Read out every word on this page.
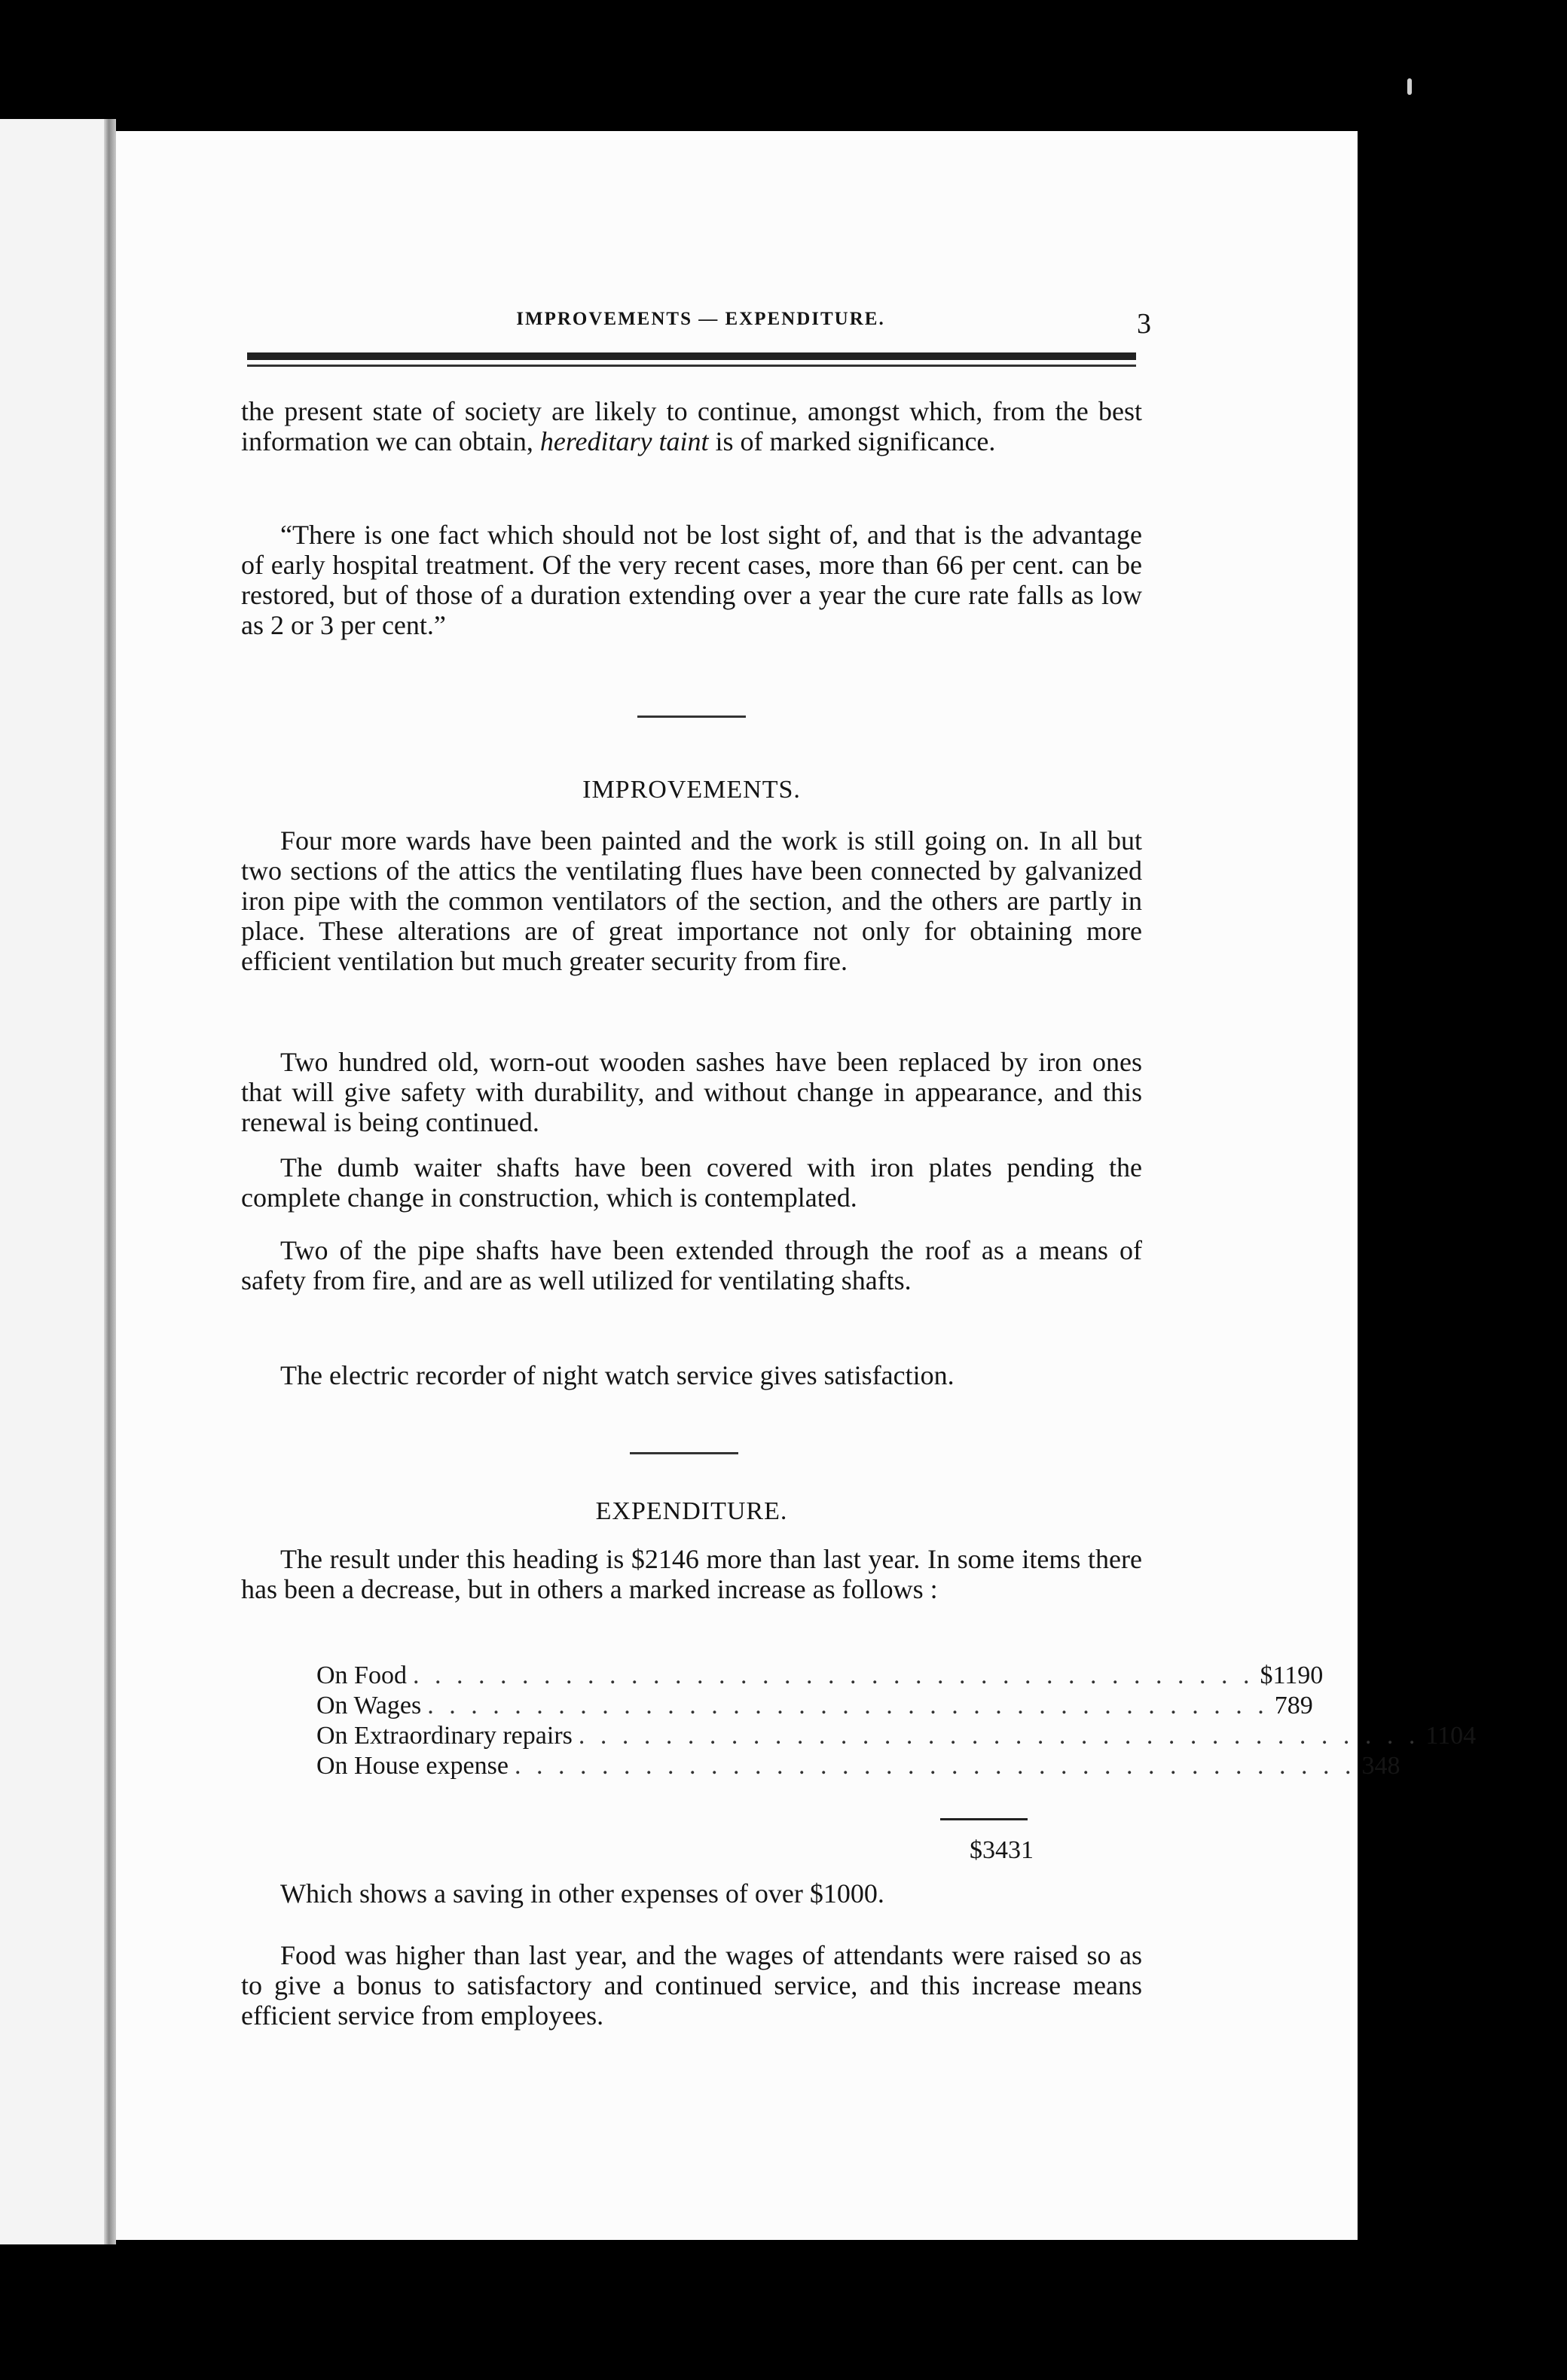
IMPROVEMENTS — EXPENDITURE.	3
the present state of society are likely to continue, amongst which, from the best information we can obtain, hereditary taint is of marked significance.
“There is one fact which should not be lost sight of, and that is the advantage of early hospital treatment. Of the very recent cases, more than 66 per cent. can be restored, but of those of a duration extending over a year the cure rate falls as low as 2 or 3 per cent.”
IMPROVEMENTS.
Four more wards have been painted and the work is still going on. In all but two sections of the attics the ventilating flues have been connected by galvanized iron pipe with the common ventilators of the section, and the others are partly in place. These alterations are of great importance not only for obtaining more efficient ventilation but much greater security from fire.
Two hundred old, worn-out wooden sashes have been replaced by iron ones that will give safety with durability, and without change in appearance, and this renewal is being continued.
The dumb waiter shafts have been covered with iron plates pending the complete change in construction, which is contemplated.
Two of the pipe shafts have been extended through the roof as a means of safety from fire, and are as well utilized for ventilating shafts.
The electric recorder of night watch service gives satisfaction.
EXPENDITURE.
The result under this heading is $2146 more than last year. In some items there has been a decrease, but in others a marked increase as follows :
On Food . . . . . . . . . . . . . . . . . . . . . . . . . . . . . . . . . . . . . . . $1190
On Wages . . . . . . . . . . . . . . . . . . . . . . . . . . . . . . . . . . . . . . . 789
On Extraordinary repairs . . . . . . . . . . . . . . . . . . . . . . . . . . . . . . . . . . . . . . . 1104
On House expense . . . . . . . . . . . . . . . . . . . . . . . . . . . . . . . . . . . . . . . 348
$3431
Which shows a saving in other expenses of over $1000.
Food was higher than last year, and the wages of attendants were raised so as to give a bonus to satisfactory and continued service, and this increase means efficient service from employees.
